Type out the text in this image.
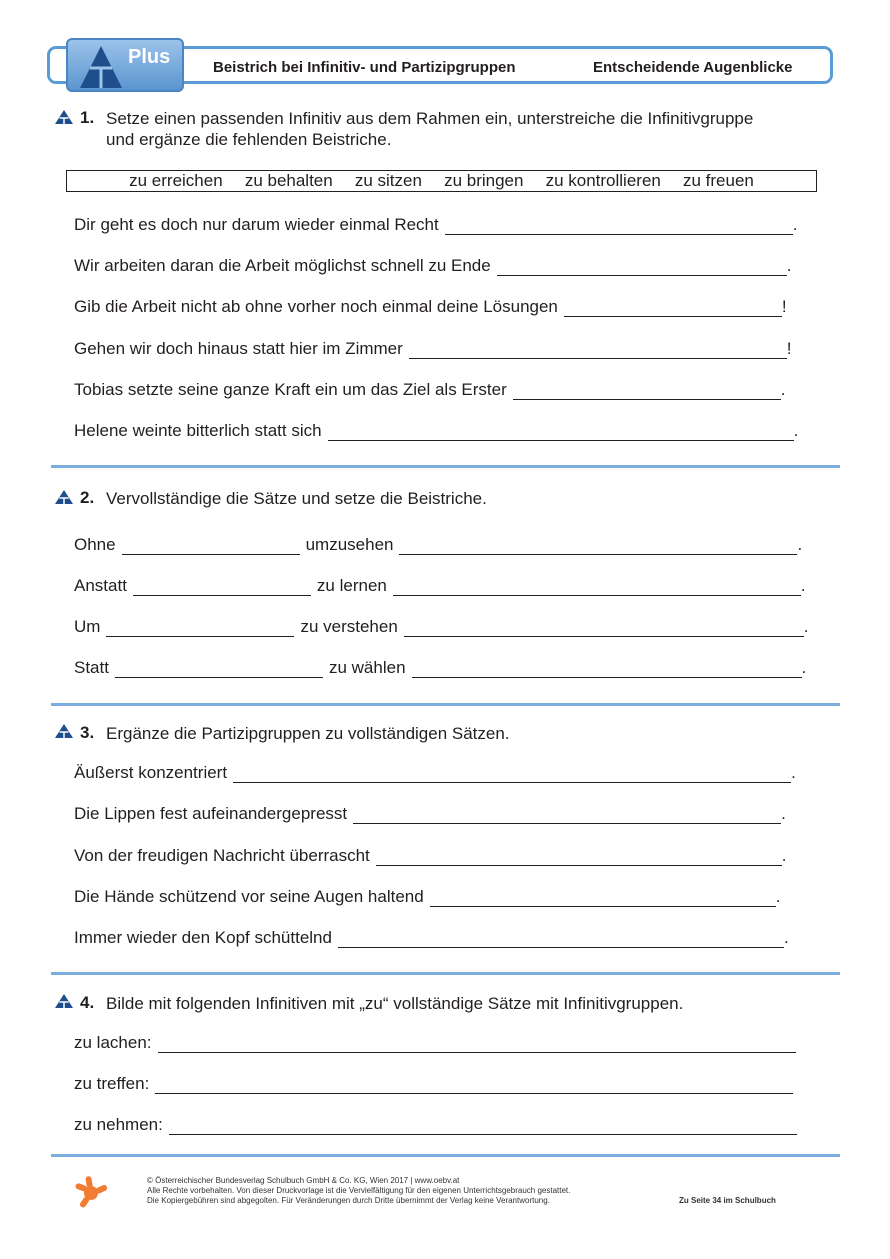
Plus	Beistrich bei Infinitiv- und Partizipgruppen	Entscheidende Augenblicke
1. Setze einen passenden Infinitiv aus dem Rahmen ein, unterstreiche die Infinitivgruppe
und ergänze die fehlenden Beistriche.
zu erreichen zu behalten zu sitzen zu bringen zu kontrollieren zu freuen
Dir geht es doch nur darum wieder einmal Recht	.
Wir arbeiten daran die Arbeit möglichst schnell zu Ende	.
Gib die Arbeit nicht ab ohne vorher noch einmal deine Lösungen	!
Gehen wir doch hinaus statt hier im Zimmer	!
Tobias setzte seine ganze Kraft ein um das Ziel als Erster	.
Helene weinte bitterlich statt sich	.
2. Vervollständige die Sätze und setze die Beistriche.
Ohne	umzusehen	.
Anstatt	zu lernen	.
Um	zu verstehen	.
Statt	zu wählen	.
3. Ergänze die Partizipgruppen zu vollständigen Sätzen.
Äußerst konzentriert	.
Die Lippen fest aufeinandergepresst	.
Von der freudigen Nachricht überrascht	.
Die Hände schützend vor seine Augen haltend	.
Immer wieder den Kopf schüttelnd	.
4. Bilde mit folgenden Infinitiven mit „zu“ vollständige Sätze mit Infinitivgruppen.
zu lachen:
zu treffen:
zu nehmen:
© Österreichischer Bundesverlag Schulbuch GmbH & Co. KG, Wien 2017 | www.oebv.at
Alle Rechte vorbehalten. Von dieser Druckvorlage ist die Vervielfältigung für den eigenen Unterrichtsgebrauch gestattet.
Die Kopiergebühren sind abgegolten. Für Veränderungen durch Dritte übernimmt der Verlag keine Verantwortung.	Zu Seite 34 im Schulbuch
